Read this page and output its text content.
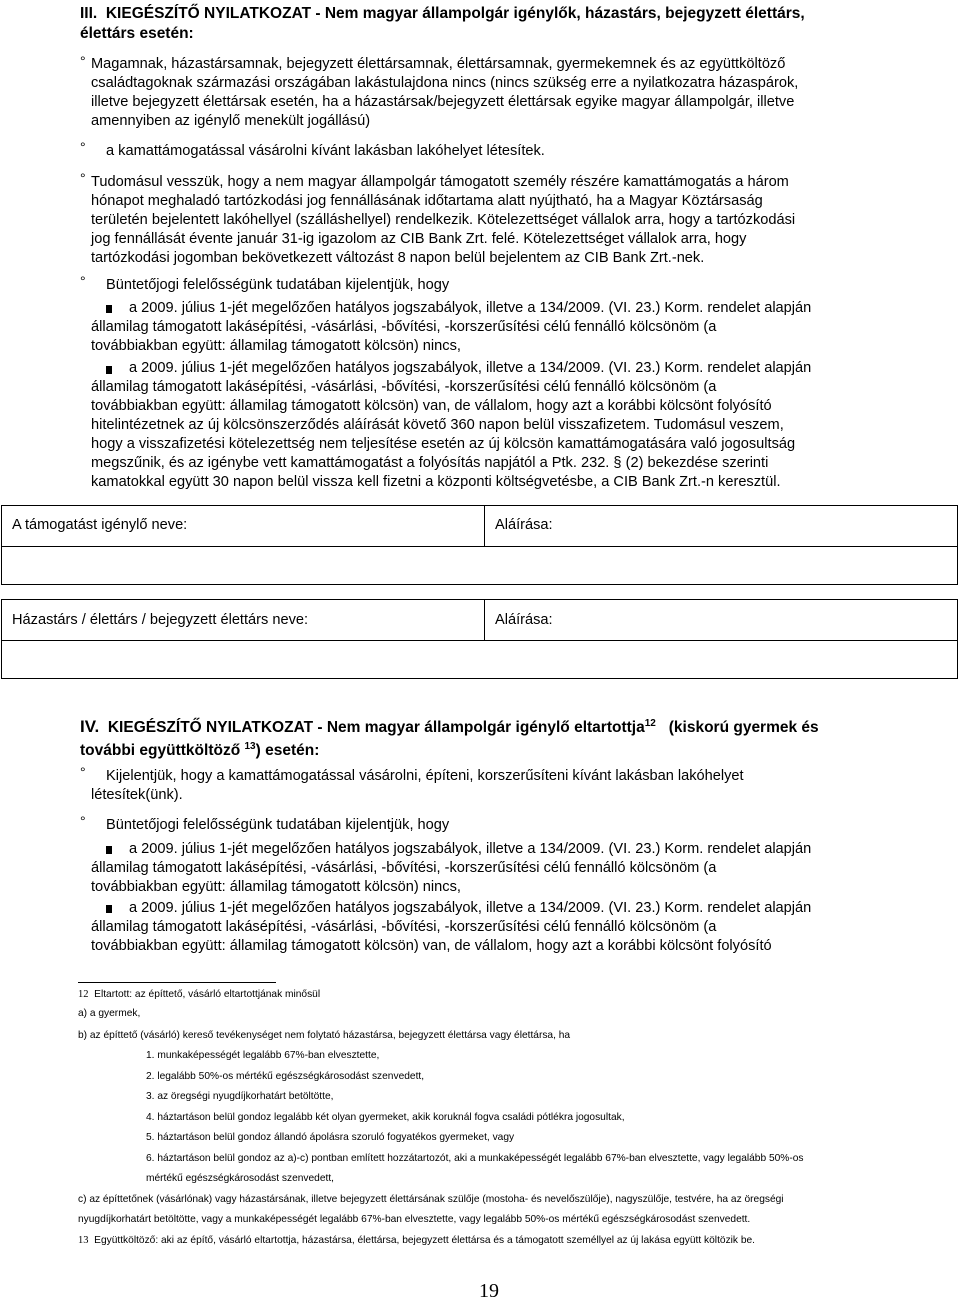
III. KIEGÉSZÍTŐ NYILATKOZAT - Nem magyar állampolgár igénylők, házastárs, bejegyzett élettárs,
élettárs esetén:
° Magamnak, házastársamnak, bejegyzett élettársamnak, élettársamnak, gyermekemnek és az együttköltöző
családtagoknak származási országában lakástulajdona nincs (nincs szükség erre a nyilatkozatra házaspárok,
illetve bejegyzett élettársak esetén, ha a házastársak/bejegyzett élettársak egyike magyar állampolgár, illetve
amennyiben az igénylő menekült jogállású)
° a kamattámogatással vásárolni kívánt lakásban lakóhelyet létesítek.
° Tudomásul vesszük, hogy a nem magyar állampolgár támogatott személy részére kamattámogatás a három
hónapot meghaladó tartózkodási jog fennállásának időtartama alatt nyújtható, ha a Magyar Köztársaság
területén bejelentett lakóhellyel (szálláshellyel) rendelkezik. Kötelezettséget vállalok arra, hogy a tartózkodási
jog fennállását évente január 31-ig igazolom az CIB Bank Zrt. felé. Kötelezettséget vállalok arra, hogy
tartózkodási jogomban bekövetkezett változást 8 napon belül bejelentem az CIB Bank Zrt.-nek.
° Büntetőjogi felelősségünk tudatában kijelentjük, hogy
a 2009. július 1-jét megelőzően hatályos jogszabályok, illetve a 134/2009. (VI. 23.) Korm. rendelet alapján
államilag támogatott lakásépítési, -vásárlási, -bővítési, -korszerűsítési célú fennálló kölcsönöm (a
továbbiakban együtt: államilag támogatott kölcsön) nincs,
a 2009. július 1-jét megelőzően hatályos jogszabályok, illetve a 134/2009. (VI. 23.) Korm. rendelet alapján
államilag támogatott lakásépítési, -vásárlási, -bővítési, -korszerűsítési célú fennálló kölcsönöm (a
továbbiakban együtt: államilag támogatott kölcsön) van, de vállalom, hogy azt a korábbi kölcsönt folyósító
hitelintézetnek az új kölcsönszerződés aláírását követő 360 napon belül visszafizetem. Tudomásul veszem,
hogy a visszafizetési kötelezettség nem teljesítése esetén az új kölcsön kamattámogatására való jogosultság
megszűnik, és az igénybe vett kamattámogatást a folyósítás napjától a Ptk. 232. § (2) bekezdése szerinti
kamatokkal együtt 30 napon belül vissza kell fizetni a központi költségvetésbe, a CIB Bank Zrt.-n keresztül.
A támogatást igénylő neve:	Aláírása:
Házastárs / élettárs / bejegyzett élettárs neve:	Aláírása:
IV. KIEGÉSZÍTŐ NYILATKOZAT - Nem magyar állampolgár igénylő eltartottja$^{12}$ (kiskorú gyermek és
további együttköltöző $^{13}$) esetén:
° Kijelentjük, hogy a kamattámogatással vásárolni, építeni, korszerűsíteni kívánt lakásban lakóhelyet
létesítek(ünk).
° Büntetőjogi felelősségünk tudatában kijelentjük, hogy
a 2009. július 1-jét megelőzően hatályos jogszabályok, illetve a 134/2009. (VI. 23.) Korm. rendelet alapján
államilag támogatott lakásépítési, -vásárlási, -bővítési, -korszerűsítési célú fennálló kölcsönöm (a
továbbiakban együtt: államilag támogatott kölcsön) nincs,
a 2009. július 1-jét megelőzően hatályos jogszabályok, illetve a 134/2009. (VI. 23.) Korm. rendelet alapján
államilag támogatott lakásépítési, -vásárlási, -bővítési, -korszerűsítési célú fennálló kölcsönöm (a
továbbiakban együtt: államilag támogatott kölcsön) van, de vállalom, hogy azt a korábbi kölcsönt folyósító
12 Eltartott: az építtető, vásárló eltartottjának minősül
a) a gyermek,
b) az építtető (vásárló) kereső tevékenységet nem folytató házastársa, bejegyzett élettársa vagy élettársa, ha
1. munkaképességét legalább 67%-ban elvesztette,
2. legalább 50%-os mértékű egészségkárosodást szenvedett,
3. az öregségi nyugdíjkorhatárt betöltötte,
4. háztartáson belül gondoz legalább két olyan gyermeket, akik koruknál fogva családi pótlékra jogosultak,
5. háztartáson belül gondoz állandó ápolásra szoruló fogyatékos gyermeket, vagy
6. háztartáson belül gondoz az a)-c) pontban említett hozzátartozót, aki a munkaképességét legalább 67%-ban elvesztette, vagy legalább 50%-os
mértékű egészségkárosodást szenvedett,
c) az építtetőnek (vásárlónak) vagy házastársának, illetve bejegyzett élettársának szülője (mostoha- és nevelőszülője), nagyszülője, testvére, ha az öregségi
nyugdíjkorhatárt betöltötte, vagy a munkaképességét legalább 67%-ban elvesztette, vagy legalább 50%-os mértékű egészségkárosodást szenvedett.
13 Együttköltöző: aki az építő, vásárló eltartottja, házastársa, élettársa, bejegyzett élettársa és a támogatott személlyel az új lakása együtt költözik be.
19
